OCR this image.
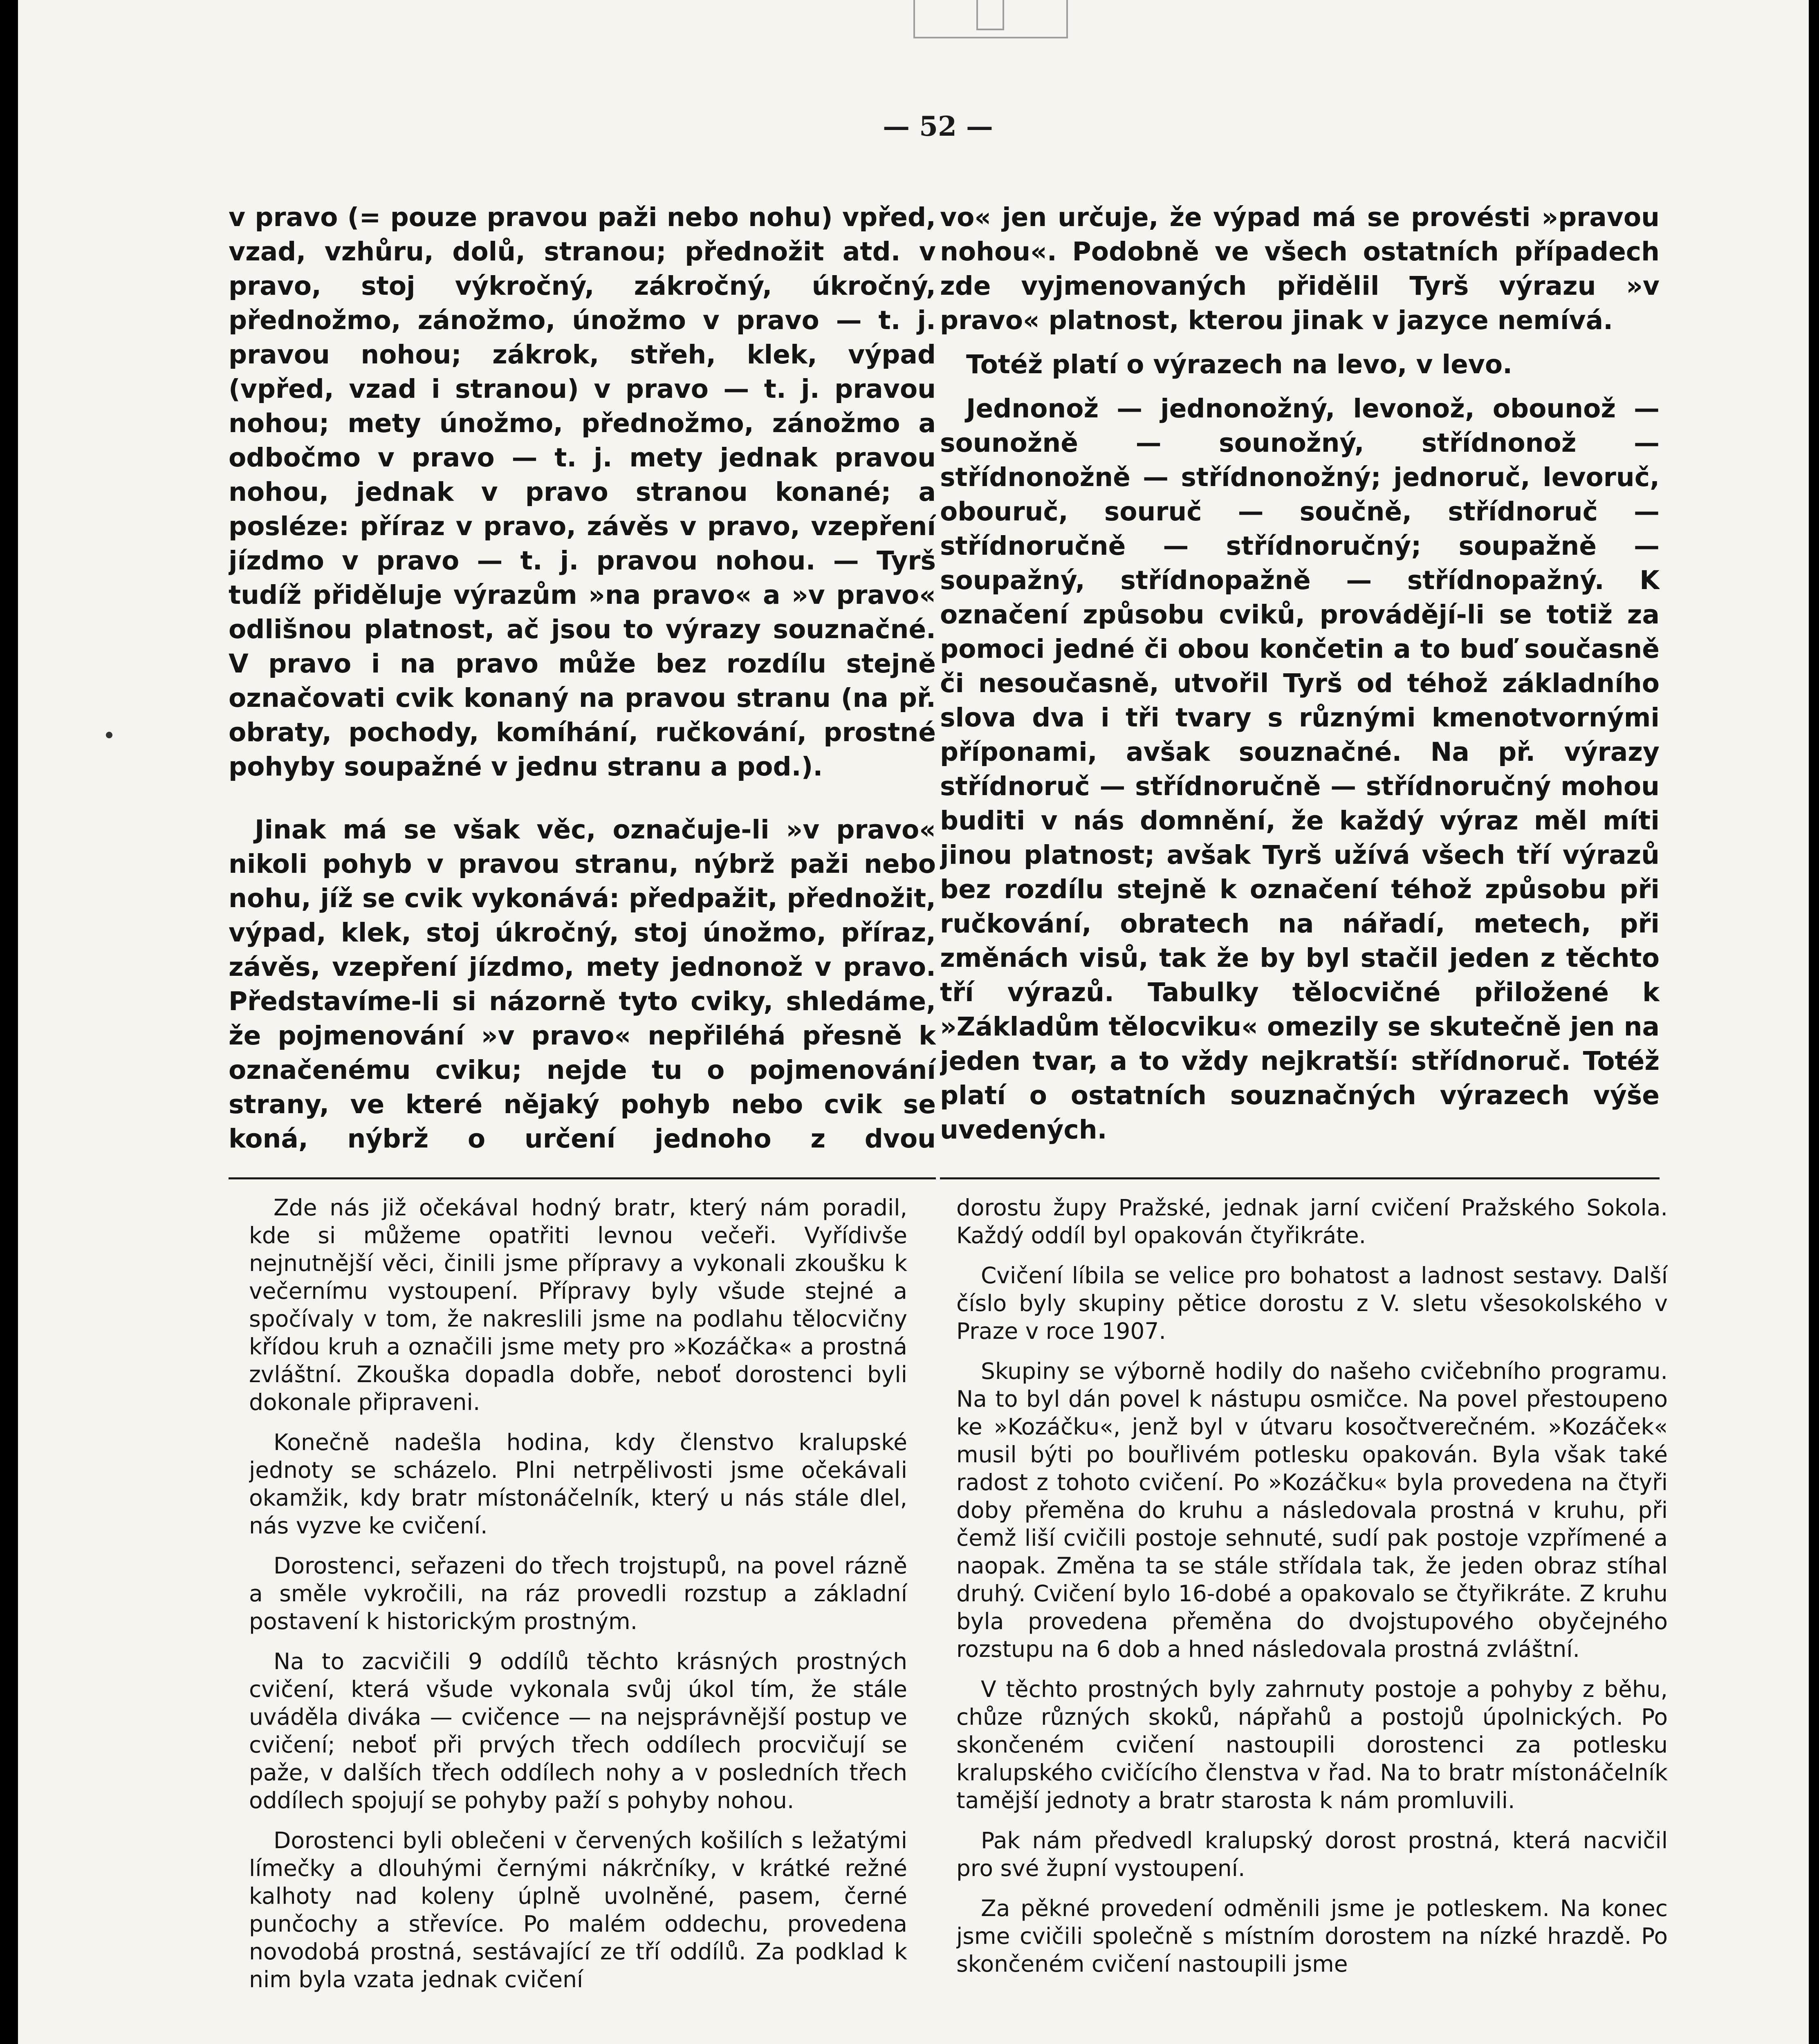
— 52 —

v pravo (= pouze pravou paži nebo nohu) vpřed, vzad, vzhůru, dolů, stranou; přednožit atd. v pravo, stoj výkročný, zákročný, úkročný, přednožmo, zánožmo, únožmo v pravo — t. j. pravou nohou; zákrok, střeh, klek, výpad (vpřed, vzad i stranou) v pravo — t. j. pravou nohou; mety únožmo, přednožmo, zánožmo a odbočmo v pravo — t. j. mety jednak pravou nohou, jednak v pravo stranou konané; a posléze: příraz v pravo, závěs v pravo, vzepření jízdmo v pravo — t. j. pravou nohou. — Tyrš tudíž přiděluje výrazům »na pravo« a »v pravo« odlišnou platnost, ač jsou to výrazy souznačné. V pravo i na pravo může bez rozdílu stejně označovati cvik konaný na pravou stranu (na př. obraty, pochody, komíhání, ručkování, prostné pohyby soupažné v jednu stranu a pod.).

Jinak má se však věc, označuje-li »v pravo« nikoli pohyb v pravou stranu, nýbrž paži nebo nohu, jíž se cvik vykonává: předpažit, přednožit, výpad, klek, stoj úkročný, stoj únožmo, příraz, závěs, vzepření jízdmo, mety jednonož v pravo. Představíme-li si názorně tyto cviky, shledáme, že pojmenování »v pravo« nepřiléhá přesně k označenému cviku; nejde tu o pojmenování strany, ve které nějaký pohyb nebo cvik se koná, nýbrž o určení jednoho z dvou

vo« jen určuje, že výpad má se provésti »pravou nohou«. Podobně ve všech ostatních případech zde vyjmenovaných přidělil Tyrš výrazu »v pravo« platnost, kterou jinak v jazyce nemívá.

Totéž platí o výrazech na levo, v levo.

Jednonož — jednonožný, levonož, obounož — sounožně — sounožný, střídnonož — střídnonožně — střídnonožný; jednoruč, levoruč, obouruč, souruč — součně, střídnoruč — střídnoručně — střídnoručný; soupažně — soupažný, střídnopažně — střídnopažný. K označení způsobu cviků, provádějí-li se totiž za pomoci jedné či obou končetin a to buď současně či nesoučasně, utvořil Tyrš od téhož základního slova dva i tři tvary s různými kmenotvornými příponami, avšak souznačné. Na př. výrazy střídnoruč — střídnoručně — střídnoručný mohou buditi v nás domnění, že každý výraz měl míti jinou platnost; avšak Tyrš užívá všech tří výrazů bez rozdílu stejně k označení téhož způsobu při ručkování, obratech na nářadí, metech, při změnách visů, tak že by byl stačil jeden z těchto tří výrazů. Tabulky tělocvičné přiložené k »Základům tělocviku« omezily se skutečně jen na jeden tvar, a to vždy nejkratší: střídnoruč. Totéž platí o ostatních souznačných výrazech výše uvedených.

Zde nás již očekával hodný bratr, který nám poradil, kde si můžeme opatřiti levnou večeři. Vyřídivše nejnutnější věci, činili jsme přípravy a vykonali zkoušku k večernímu vystoupení. Přípravy byly všude stejné a spočívaly v tom, že nakreslili jsme na podlahu tělocvičny křídou kruh a označili jsme mety pro »Kozáčka« a prostná zvláštní. Zkouška dopadla dobře, neboť dorostenci byli dokonale připraveni.

Konečně nadešla hodina, kdy členstvo kralupské jednoty se scházelo. Plni netrpělivosti jsme očekávali okamžik, kdy bratr místonáčelník, který u nás stále dlel, nás vyzve ke cvičení.

Dorostenci, seřazeni do třech trojstupů, na povel rázně a směle vykročili, na ráz provedli rozstup a základní postavení k historickým prostným.

Na to zacvičili 9 oddílů těchto krásných prostných cvičení, která všude vykonala svůj úkol tím, že stále uváděla diváka — cvičence — na nejsprávnější postup ve cvičení; neboť při prvých třech oddílech procvičují se paže, v dalších třech oddílech nohy a v posledních třech oddílech spojují se pohyby paží s pohyby nohou.

Dorostenci byli oblečeni v červených košilích s ležatými límečky a dlouhými černými nákrčníky, v krátké režné kalhoty nad koleny úplně uvolněné, pasem, černé punčochy a střevíce. Po malém oddechu, provedena novodobá prostná, sestávající ze tří oddílů. Za podklad k nim byla vzata jednak cvičení

dorostu župy Pražské, jednak jarní cvičení Pražského Sokola. Každý oddíl byl opakován čtyřikráte.

Cvičení líbila se velice pro bohatost a ladnost sestavy. Další číslo byly skupiny pětice dorostu z V. sletu všesokolského v Praze v roce 1907.

Skupiny se výborně hodily do našeho cvičebního programu. Na to byl dán povel k nástupu osmičce. Na povel přestoupeno ke »Kozáčku«, jenž byl v útvaru kosočtverečném. »Kozáček« musil býti po bouřlivém potlesku opakován. Byla však také radost z tohoto cvičení. Po »Kozáčku« byla provedena na čtyři doby přeměna do kruhu a následovala prostná v kruhu, při čemž liší cvičili postoje sehnuté, sudí pak postoje vzpřímené a naopak. Změna ta se stále střídala tak, že jeden obraz stíhal druhý. Cvičení bylo 16-dobé a opakovalo se čtyřikráte. Z kruhu byla provedena přeměna do dvojstupového obyčejného rozstupu na 6 dob a hned následovala prostná zvláštní.

V těchto prostných byly zahrnuty postoje a pohyby z běhu, chůze různých skoků, nápřahů a postojů úpolnických. Po skončeném cvičení nastoupili dorostenci za potlesku kralupského cvičícího členstva v řad. Na to bratr místonáčelník tamější jednoty a bratr starosta k nám promluvili.

Pak nám předvedl kralupský dorost prostná, která nacvičil pro své župní vystoupení.

Za pěkné provedení odměnili jsme je potleskem. Na konec jsme cvičili společně s místním dorostem na nízké hrazdě. Po skončeném cvičení nastoupili jsme
